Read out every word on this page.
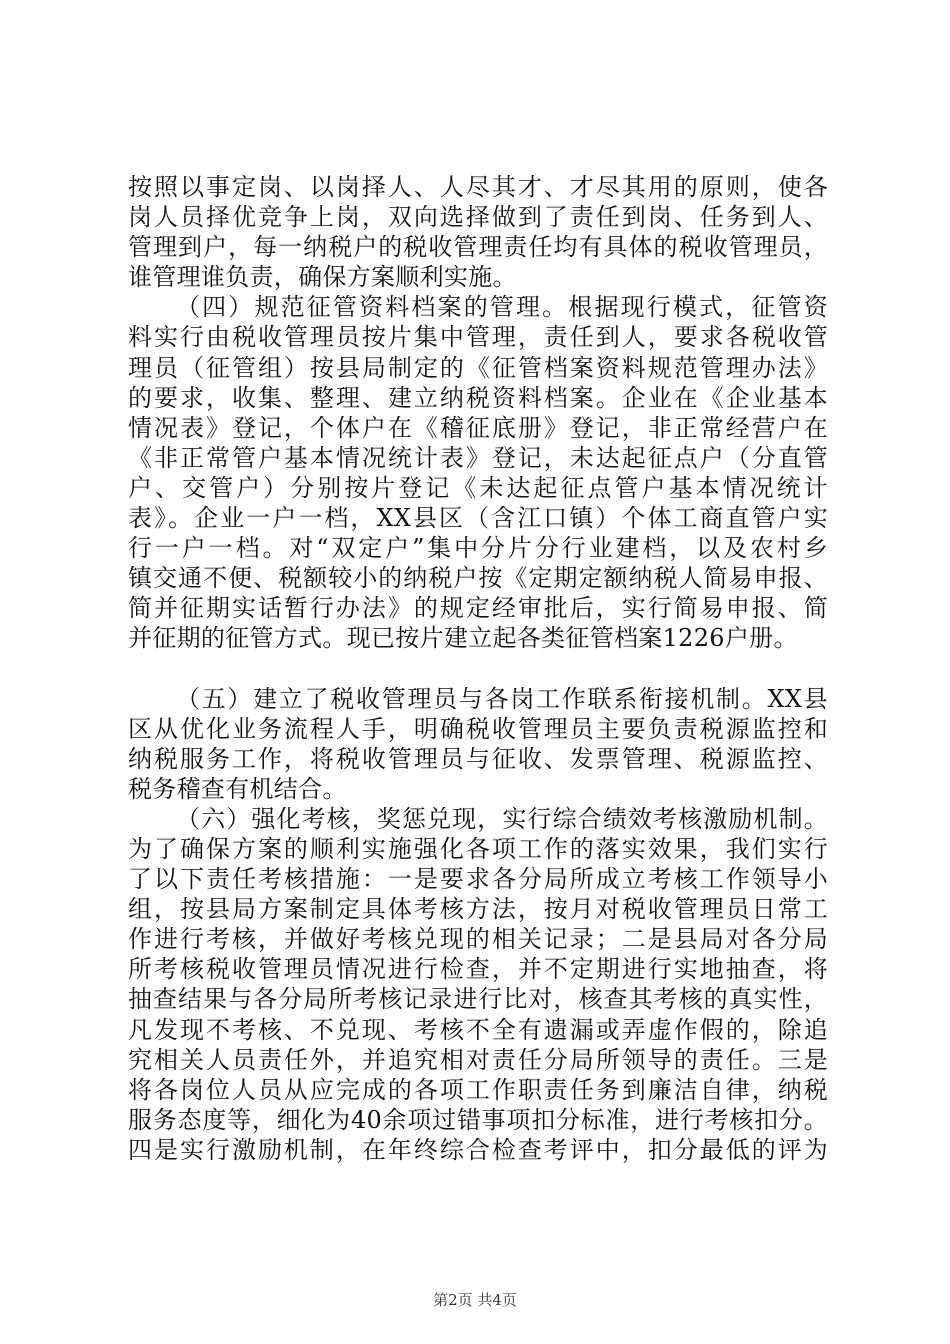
按照以事定岗、以岗择人、人尽其才、才尽其用的原则，使各
岗人员择优竞争上岗，双向选择做到了责任到岗、任务到人、
管理到户，每一纳税户的税收管理责任均有具体的税收管理员，
谁管理谁负责，确保方案顺利实施。
（四）规范征管资料档案的管理。根据现行模式，征管资
料实行由税收管理员按片集中管理，责任到人，要求各税收管
理员（征管组）按县局制定的《征管档案资料规范管理办法》
的要求，收集、整理、建立纳税资料档案。企业在《企业基本
情况表》登记，个体户在《稽征底册》登记，非正常经营户在
《非正常管户基本情况统计表》登记，未达起征点户（分直管
户、交管户）分别按片登记《未达起征点管户基本情况统计
表》。企业一户一档，XX县区（含江口镇）个体工商直管户实
行一户一档。对“双定户”集中分片分行业建档，以及农村乡
镇交通不便、税额较小的纳税户按《定期定额纳税人简易申报、
简并征期实话暂行办法》的规定经审批后，实行简易申报、简
并征期的征管方式。现已按片建立起各类征管档案1226户册。
（五）建立了税收管理员与各岗工作联系衔接机制。XX县
区从优化业务流程人手，明确税收管理员主要负责税源监控和
纳税服务工作，将税收管理员与征收、发票管理、税源监控、
税务稽查有机结合。
（六）强化考核，奖惩兑现，实行综合绩效考核激励机制。
为了确保方案的顺利实施强化各项工作的落实效果，我们实行
了以下责任考核措施：一是要求各分局所成立考核工作领导小
组，按县局方案制定具体考核方法，按月对税收管理员日常工
作进行考核，并做好考核兑现的相关记录；二是县局对各分局
所考核税收管理员情况进行检查，并不定期进行实地抽查，将
抽查结果与各分局所考核记录进行比对，核查其考核的真实性，
凡发现不考核、不兑现、考核不全有遗漏或弄虚作假的，除追
究相关人员责任外，并追究相对责任分局所领导的责任。三是
将各岗位人员从应完成的各项工作职责任务到廉洁自律，纳税
服务态度等，细化为40余项过错事项扣分标准，进行考核扣分。
四是实行激励机制，在年终综合检查考评中，扣分最低的评为
第2页 共4页
